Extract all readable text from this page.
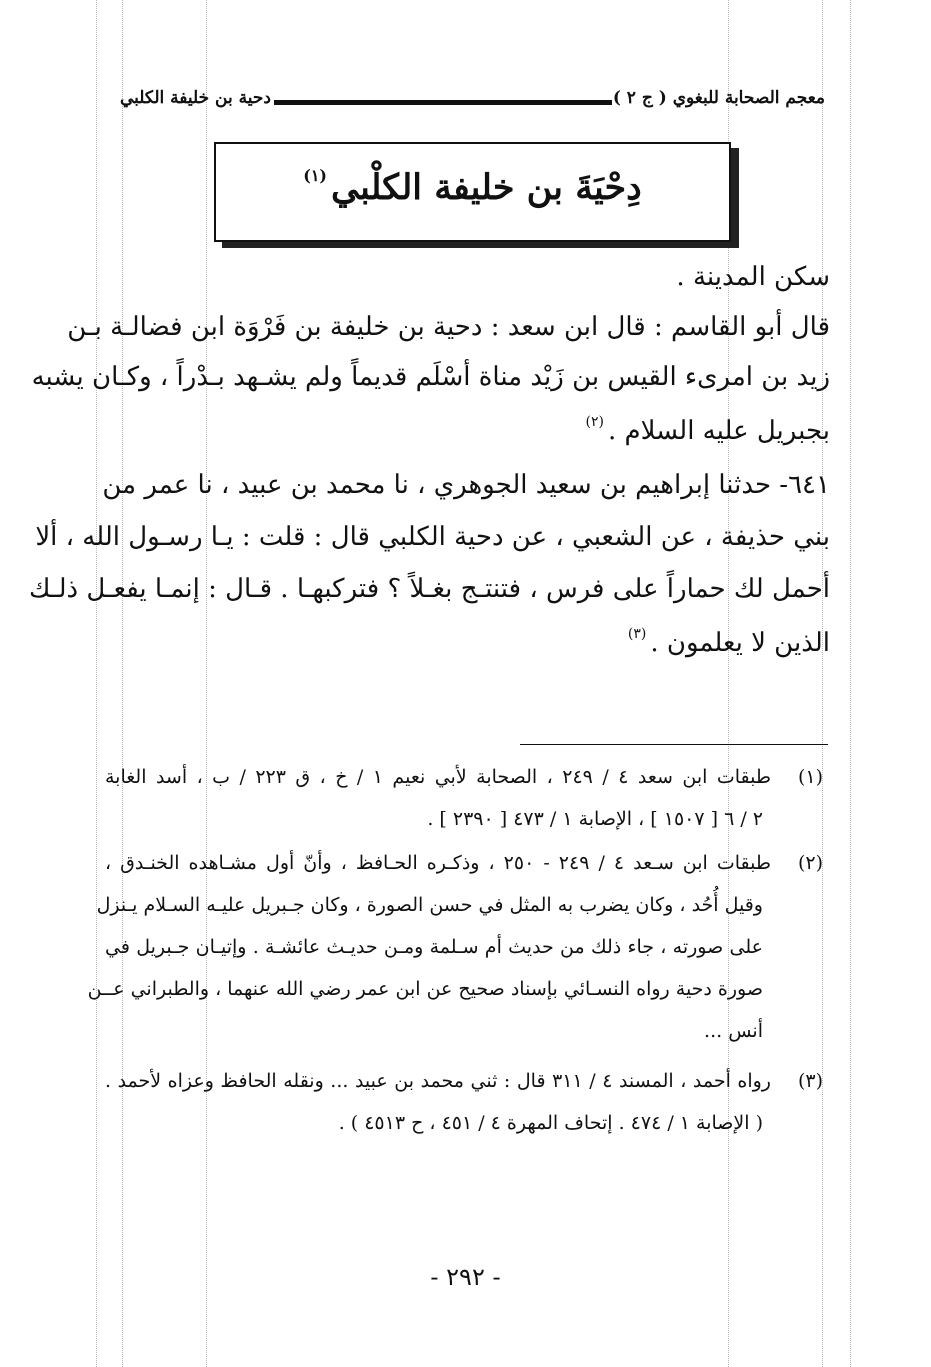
معجم الصحابة للبغوي ( ج ٢ )
دحية بن خليفة الكلبي
دِحْيَةَ بن خليفة الكلْبي$^{(١)}$
سكن المدينة .
قال أبو القاسم : قال ابن سعد : دحية بن خليفة بن فَرْوَة ابن فضالـة بـن
زيد بن امرىء القيس بن زَيْد مناة أسْلَم قديماً ولم يشـهد بـدْراً ، وكـان يشبه
بجبريل عليه السلام .$^{(٢)}$
٦٤١- حدثنا إبراهيم بن سعيد الجوهري ، نا محمد بن عبيد ، نا عمر من
بني حذيفة ، عن الشعبي ، عن دحية الكلبي قال : قلت : يـا رسـول الله ، ألا
أحمل لك حماراً على فرس ، فتنتـج بغـلاً ؟ فتركبهـا . قـال : إنمـا يفعـل ذلـك
الذين لا يعلمون .$^{(٣)}$
(١)
طبقات ابن سعد ٤ / ٢٤٩ ، الصحابة لأبي نعيم ١ / خ ، ق ٢٢٣ / ب ، أسد الغابة
٢ / ٦ [ ١٥٠٧ ] ، الإصابة ١ / ٤٧٣ [ ٢٣٩٠ ] .
(٢)
طبقات ابن سـعد ٤ / ٢٤٩ - ٢٥٠ ، وذكـره الحـافظ ، وأنّ أول مشـاهده الخنـدق ،
وقيل أُحُد ، وكان يضرب به المثل في حسن الصورة ، وكان جـبريل عليـه السـلام يـنزل
على صورته ، جاء ذلك من حديث أم سـلمة ومـن حديـث عائشـة . وإتيـان جـبريل في
صورة دحية رواه النسـائي بإسناد صحيح عن ابن عمر رضي الله عنهما ، والطبراني عــن
أنس ...
(٣)
رواه أحمد ، المسند ٤ / ٣١١ قال : ثني محمد بن عبيد ... ونقله الحافظ وعزاه لأحمد .
( الإصابة ١ / ٤٧٤ . إتحاف المهرة ٤ / ٤٥١ ، ح ٤٥١٣ ) .
- ٢٩٢ -
